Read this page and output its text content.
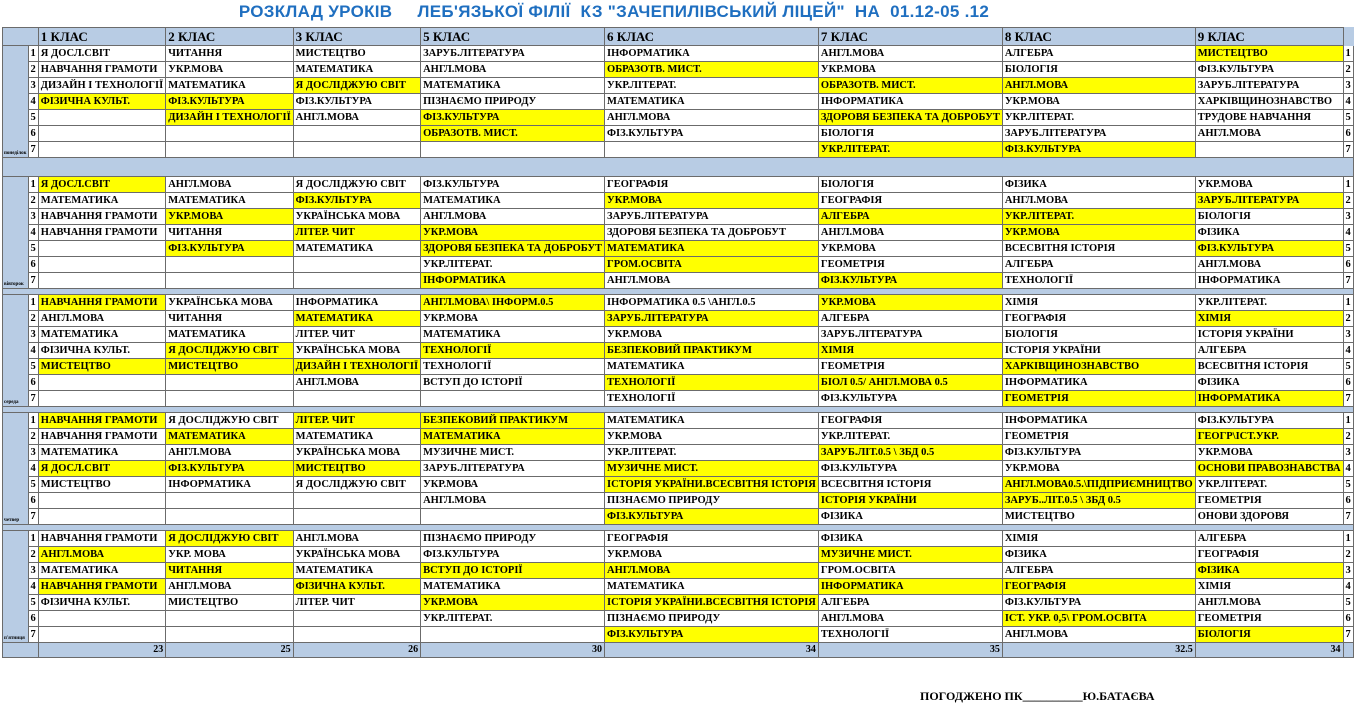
РОЗКЛАД УРОКІВ     ЛЕБ'ЯЗЬКОЇ ФІЛІЇ  КЗ "ЗАЧЕПИЛІВСЬКИЙ ЛІЦЕЙ"  НА  01.12-05 .12
		1 КЛАС	2 КЛАС	3 КЛАС	5 КЛАС	6 КЛАС	7 КЛАС	8 КЛАС	9 КЛАС	
понеділок	1	Я ДОСЛ.СВІТ	ЧИТАННЯ	МИСТЕЦТВО	ЗАРУБ.ЛІТЕРАТУРА	ІНФОРМАТИКА	АНГЛ.МОВА	АЛГЕБРА	МИСТЕЦТВО	1
	2	НАВЧАННЯ ГРАМОТИ	УКР.МОВА	МАТЕМАТИКА	АНГЛ.МОВА	ОБРАЗОТВ. МИСТ.	УКР.МОВА	БІОЛОГІЯ	ФІЗ.КУЛЬТУРА	2
	3	ДИЗАЙН І ТЕХНОЛОГІЇ	МАТЕМАТИКА	Я ДОСЛІДЖУЮ СВІТ	МАТЕМАТИКА	УКР.ЛІТЕРАТ.	ОБРАЗОТВ. МИСТ.	АНГЛ.МОВА	ЗАРУБ.ЛІТЕРАТУРА	3
	4	ФІЗИЧНА КУЛЬТ.	ФІЗ.КУЛЬТУРА	ФІЗ.КУЛЬТУРА	ПІЗНАЄМО ПРИРОДУ	МАТЕМАТИКА	ІНФОРМАТИКА	УКР.МОВА	ХАРКІВЩИНОЗНАВСТВО	4
	5		ДИЗАЙН І ТЕХНОЛОГІЇ	АНГЛ.МОВА	ФІЗ.КУЛЬТУРА	АНГЛ.МОВА	ЗДОРОВЯ БЕЗПЕКА ТА ДОБРОБУТ	УКР.ЛІТЕРАТ.	ТРУДОВЕ НАВЧАННЯ	5
	6				ОБРАЗОТВ. МИСТ.	ФІЗ.КУЛЬТУРА	БІОЛОГІЯ	ЗАРУБ.ЛІТЕРАТУРА	АНГЛ.МОВА	6
	7						УКР.ЛІТЕРАТ.	ФІЗ.КУЛЬТУРА		7

вівторок	1	Я ДОСЛ.СВІТ	АНГЛ.МОВА	Я ДОСЛІДЖУЮ СВІТ	ФІЗ.КУЛЬТУРА	ГЕОГРАФІЯ	БІОЛОГІЯ	ФІЗИКА	УКР.МОВА	1
	2	МАТЕМАТИКА	МАТЕМАТИКА	ФІЗ.КУЛЬТУРА	МАТЕМАТИКА	УКР.МОВА	ГЕОГРАФІЯ	АНГЛ.МОВА	ЗАРУБ.ЛІТЕРАТУРА	2
	3	НАВЧАННЯ ГРАМОТИ	УКР.МОВА	УКРАЇНСЬКА МОВА	АНГЛ.МОВА	ЗАРУБ.ЛІТЕРАТУРА	АЛГЕБРА	УКР.ЛІТЕРАТ.	БІОЛОГІЯ	3
	4	НАВЧАННЯ ГРАМОТИ	ЧИТАННЯ	ЛІТЕР. ЧИТ	УКР.МОВА	ЗДОРОВЯ БЕЗПЕКА ТА ДОБРОБУТ	АНГЛ.МОВА	УКР.МОВА	ФІЗИКА	4
	5		ФІЗ.КУЛЬТУРА	МАТЕМАТИКА	ЗДОРОВЯ БЕЗПЕКА ТА ДОБРОБУТ	МАТЕМАТИКА	УКР.МОВА	ВСЕСВІТНЯ ІСТОРІЯ	ФІЗ.КУЛЬТУРА	5
	6				УКР.ЛІТЕРАТ.	ГРОМ.ОСВІТА	ГЕОМЕТРІЯ	АЛГЕБРА	АНГЛ.МОВА	6
	7				ІНФОРМАТИКА	АНГЛ.МОВА	ФІЗ.КУЛЬТУРА	ТЕХНОЛОГІЇ	ІНФОРМАТИКА	7

середа	1	НАВЧАННЯ ГРАМОТИ	УКРАЇНСЬКА МОВА	ІНФОРМАТИКА	АНГЛ.МОВА\ ІНФОРМ.0.5	ІНФОРМАТИКА 0.5 \АНГЛ.0.5	УКР.МОВА	ХІМІЯ	УКР.ЛІТЕРАТ.	1
	2	АНГЛ.МОВА	ЧИТАННЯ	МАТЕМАТИКА	УКР.МОВА	ЗАРУБ.ЛІТЕРАТУРА	АЛГЕБРА	ГЕОГРАФІЯ	ХІМІЯ	2
	3	МАТЕМАТИКА	МАТЕМАТИКА	ЛІТЕР. ЧИТ	МАТЕМАТИКА	УКР.МОВА	ЗАРУБ.ЛІТЕРАТУРА	БІОЛОГІЯ	ІСТОРІЯ УКРАЇНИ	3
	4	ФІЗИЧНА КУЛЬТ.	Я ДОСЛІДЖУЮ СВІТ	УКРАЇНСЬКА МОВА	ТЕХНОЛОГІЇ	БЕЗПЕКОВИЙ ПРАКТИКУМ	ХІМІЯ	ІСТОРІЯ УКРАЇНИ	АЛГЕБРА	4
	5	МИСТЕЦТВО	МИСТЕЦТВО	ДИЗАЙН І ТЕХНОЛОГІЇ	ТЕХНОЛОГІЇ	МАТЕМАТИКА	ГЕОМЕТРІЯ	ХАРКІВЩИНОЗНАВСТВО	ВСЕСВІТНЯ ІСТОРІЯ	5
	6			АНГЛ.МОВА	ВСТУП ДО ІСТОРІЇ	ТЕХНОЛОГІЇ	БІОЛ 0.5/ АНГЛ.МОВА 0.5	ІНФОРМАТИКА	ФІЗИКА	6
	7					ТЕХНОЛОГІЇ	ФІЗ.КУЛЬТУРА	ГЕОМЕТРІЯ	ІНФОРМАТИКА	7

четвер	1	НАВЧАННЯ ГРАМОТИ	Я ДОСЛІДЖУЮ СВІТ	ЛІТЕР. ЧИТ	БЕЗПЕКОВИЙ ПРАКТИКУМ	МАТЕМАТИКА	ГЕОГРАФІЯ	ІНФОРМАТИКА	ФІЗ.КУЛЬТУРА	1
	2	НАВЧАННЯ ГРАМОТИ	МАТЕМАТИКА	МАТЕМАТИКА	МАТЕМАТИКА	УКР.МОВА	УКР.ЛІТЕРАТ.	ГЕОМЕТРІЯ	ГЕОГР\ІСТ.УКР.	2
	3	МАТЕМАТИКА	АНГЛ.МОВА	УКРАЇНСЬКА МОВА	МУЗИЧНЕ МИСТ.	УКР.ЛІТЕРАТ.	ЗАРУБ.ЛІТ.0.5 \ ЗБД 0.5	ФІЗ.КУЛЬТУРА	УКР.МОВА	3
	4	Я ДОСЛ.СВІТ	ФІЗ.КУЛЬТУРА	МИСТЕЦТВО	ЗАРУБ.ЛІТЕРАТУРА	МУЗИЧНЕ МИСТ.	ФІЗ.КУЛЬТУРА	УКР.МОВА	ОСНОВИ ПРАВОЗНАВСТВА	4
	5	МИСТЕЦТВО	ІНФОРМАТИКА	Я ДОСЛІДЖУЮ СВІТ	УКР.МОВА	ІСТОРІЯ УКРАЇНИ.ВСЕСВІТНЯ ІСТОРІЯ	ВСЕСВІТНЯ ІСТОРІЯ	АНГЛ.МОВА0.5.\ПІДПРИЄМНИЦТВО	УКР.ЛІТЕРАТ.	5
	6				АНГЛ.МОВА	ПІЗНАЄМО ПРИРОДУ	ІСТОРІЯ УКРАЇНИ	ЗАРУБ..ЛІТ.0.5 \ ЗБД 0.5	ГЕОМЕТРІЯ	6
	7					ФІЗ.КУЛЬТУРА	ФІЗИКА	МИСТЕЦТВО	ОНОВИ ЗДОРОВЯ	7

п'ятниця	1	НАВЧАННЯ ГРАМОТИ	Я ДОСЛІДЖУЮ СВІТ	АНГЛ.МОВА	ПІЗНАЄМО ПРИРОДУ	ГЕОГРАФІЯ	ФІЗИКА	ХІМІЯ	АЛГЕБРА	1
	2	АНГЛ.МОВА	УКР. МОВА	УКРАЇНСЬКА МОВА	ФІЗ.КУЛЬТУРА	УКР.МОВА	МУЗИЧНЕ МИСТ.	ФІЗИКА	ГЕОГРАФІЯ	2
	3	МАТЕМАТИКА	ЧИТАННЯ	МАТЕМАТИКА	ВСТУП ДО ІСТОРІЇ	АНГЛ.МОВА	ГРОМ.ОСВІТА	АЛГЕБРА	ФІЗИКА	3
	4	НАВЧАННЯ ГРАМОТИ	АНГЛ.МОВА	ФІЗИЧНА КУЛЬТ.	МАТЕМАТИКА	МАТЕМАТИКА	ІНФОРМАТИКА	ГЕОГРАФІЯ	ХІМІЯ	4
	5	ФІЗИЧНА КУЛЬТ.	МИСТЕЦТВО	ЛІТЕР. ЧИТ	УКР.МОВА	ІСТОРІЯ УКРАЇНИ.ВСЕСВІТНЯ ІСТОРІЯ	АЛГЕБРА	ФІЗ.КУЛЬТУРА	АНГЛ.МОВА	5
	6				УКР.ЛІТЕРАТ.	ПІЗНАЄМО ПРИРОДУ	АНГЛ.МОВА	ІСТ. УКР. 0,5\ ГРОМ.ОСВІТА	ГЕОМЕТРІЯ	6
	7					ФІЗ.КУЛЬТУРА	ТЕХНОЛОГІЇ	АНГЛ.МОВА	БІОЛОГІЯ	7
		23	25	26	30	34	35	32.5	34	
ПОГОДЖЕНО ПК__________Ю.БАТАЄВА
